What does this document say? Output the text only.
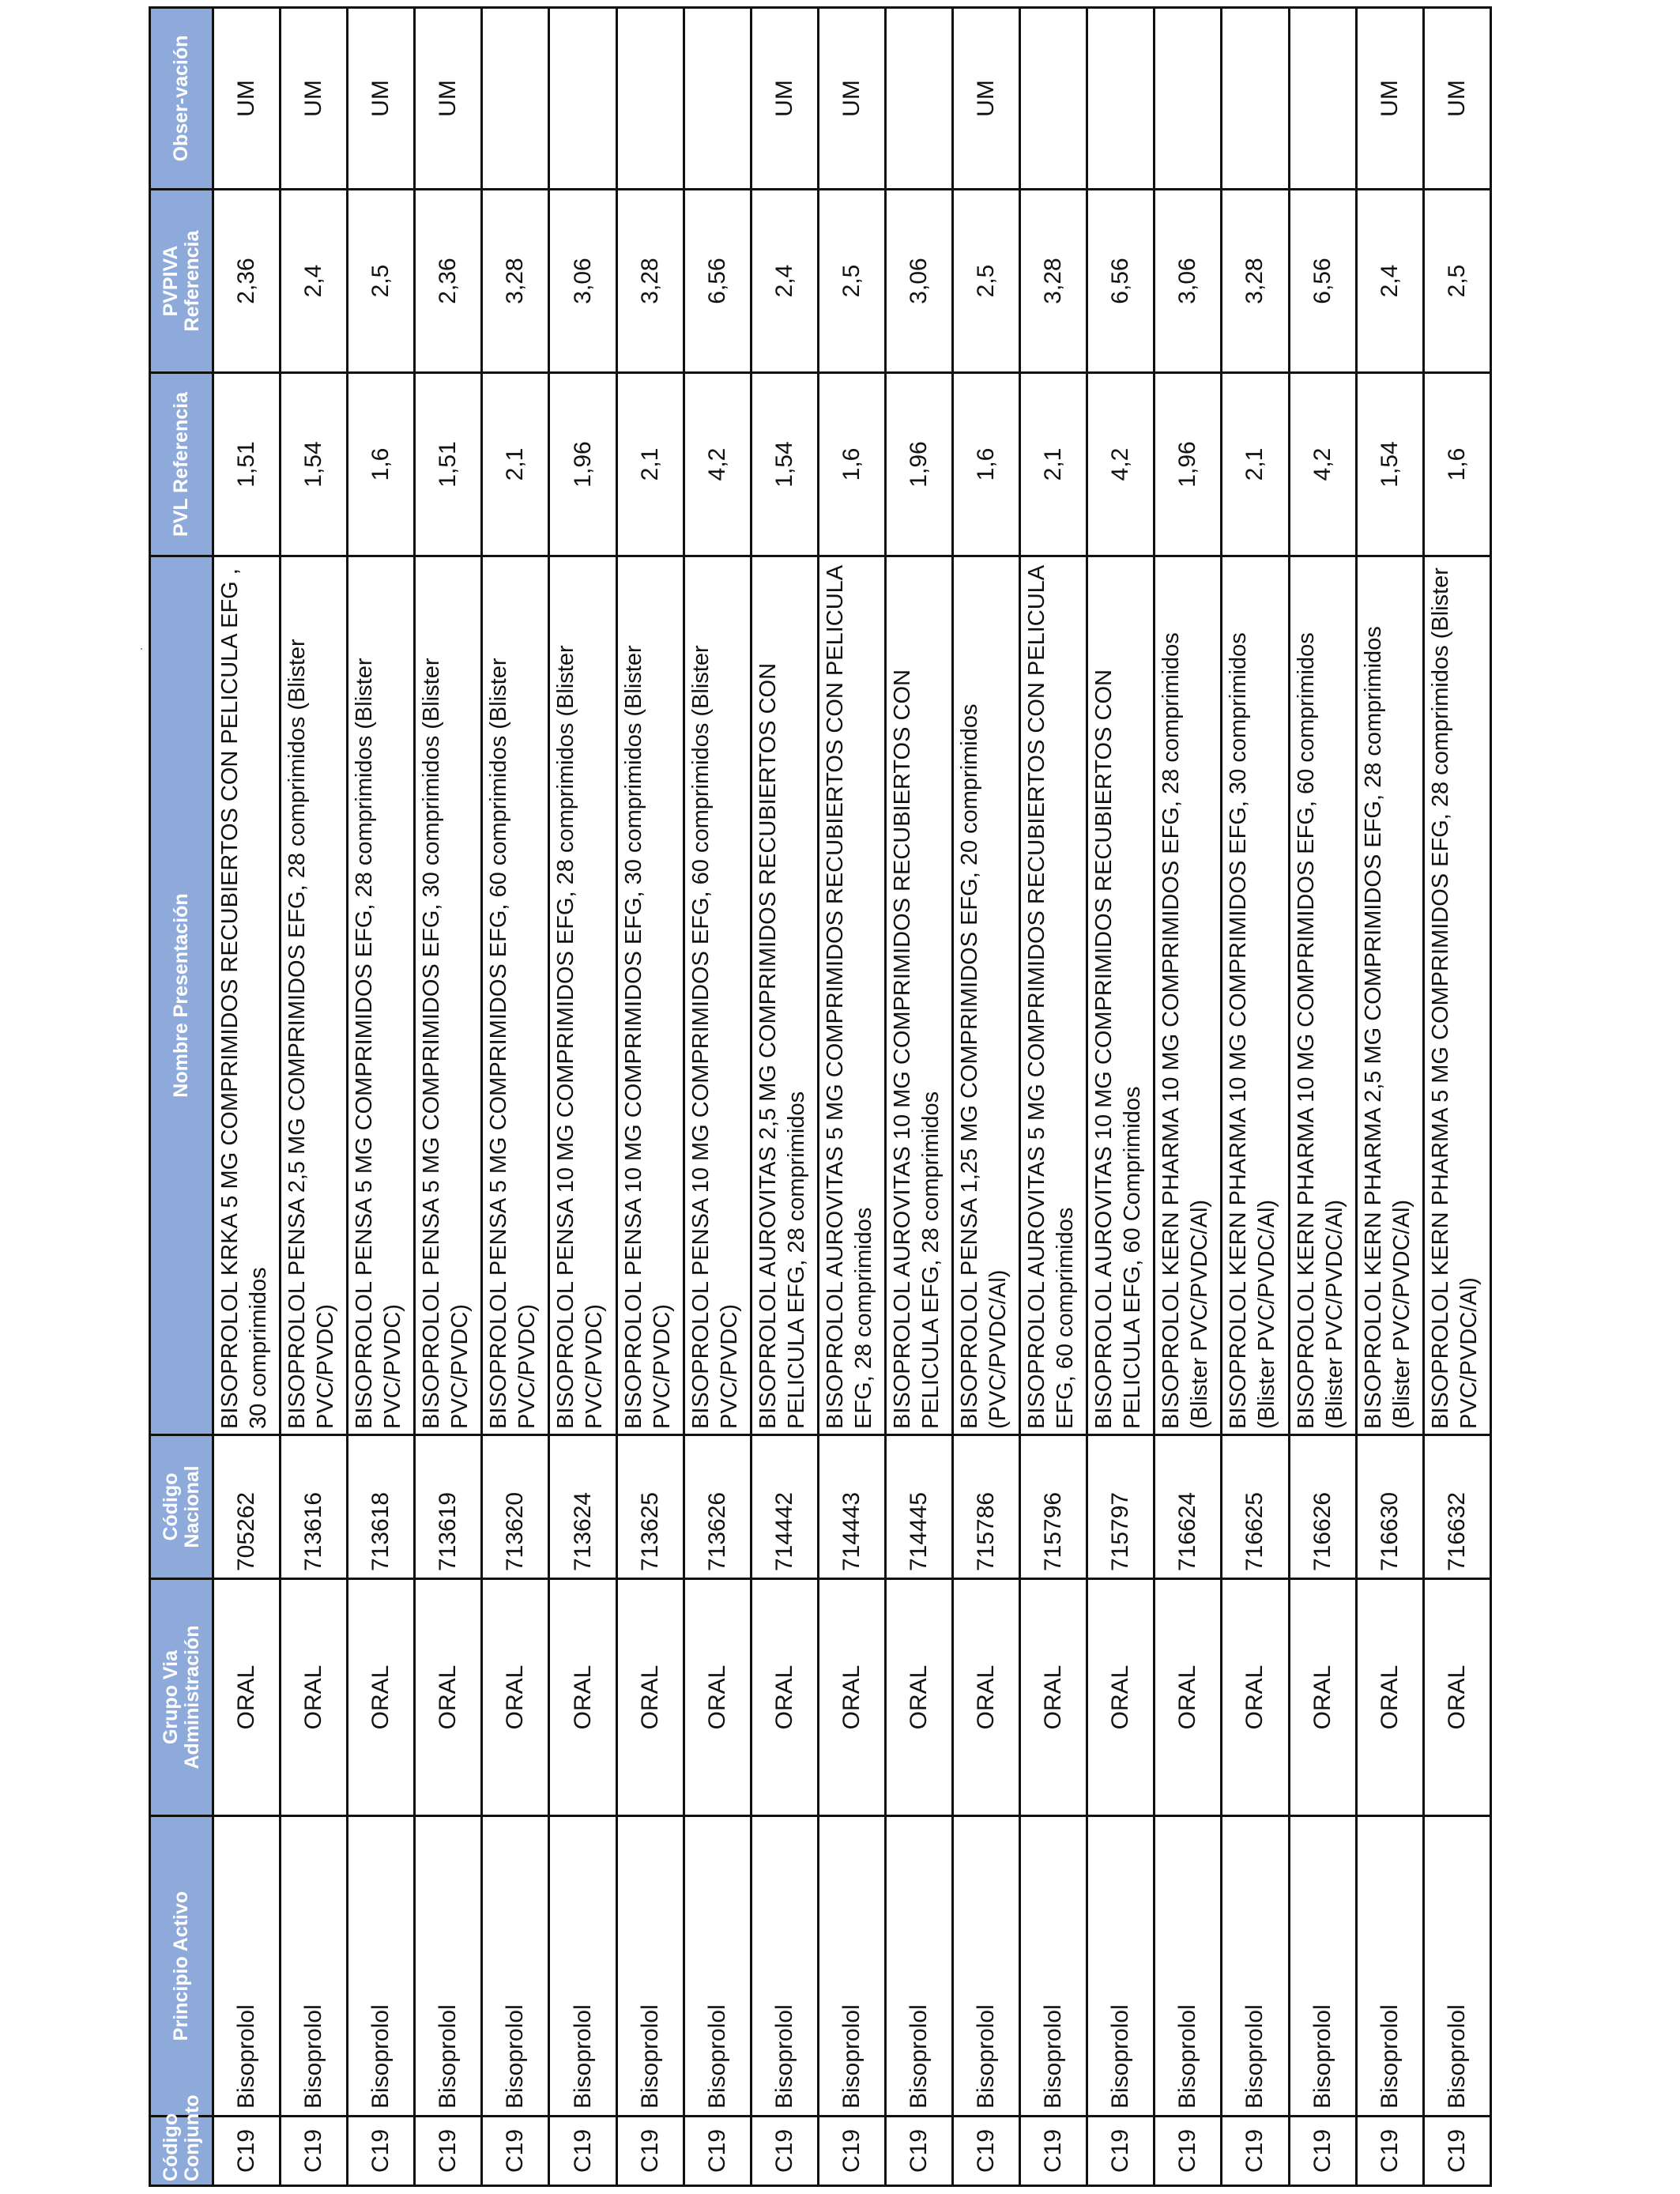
Código Conjunto	Principio Activo	Grupo Via Administración	Código Nacional	Nombre Presentación	PVL Referencia	PVPIVA Referencia	Obser-vación
C19	Bisoprolol	ORAL	705262	BISOPROLOL KRKA 5 MG COMPRIMIDOS RECUBIERTOS CON PELICULA EFG , 30 comprimidos	1,51	2,36	UM
C19	Bisoprolol	ORAL	713616	BISOPROLOL PENSA 2,5 MG COMPRIMIDOS EFG, 28 comprimidos (Blister PVC/PVDC)	1,54	2,4	UM
C19	Bisoprolol	ORAL	713618	BISOPROLOL PENSA 5 MG COMPRIMIDOS EFG, 28 comprimidos (Blister PVC/PVDC)	1,6	2,5	UM
C19	Bisoprolol	ORAL	713619	BISOPROLOL PENSA 5 MG COMPRIMIDOS EFG, 30 comprimidos (Blister PVC/PVDC)	1,51	2,36	UM
C19	Bisoprolol	ORAL	713620	BISOPROLOL PENSA 5 MG COMPRIMIDOS EFG, 60 comprimidos (Blister PVC/PVDC)	2,1	3,28	
C19	Bisoprolol	ORAL	713624	BISOPROLOL PENSA 10 MG COMPRIMIDOS EFG, 28 comprimidos (Blister PVC/PVDC)	1,96	3,06	
C19	Bisoprolol	ORAL	713625	BISOPROLOL PENSA 10 MG COMPRIMIDOS EFG, 30 comprimidos (Blister PVC/PVDC)	2,1	3,28	
C19	Bisoprolol	ORAL	713626	BISOPROLOL PENSA 10 MG COMPRIMIDOS EFG, 60 comprimidos (Blister PVC/PVDC)	4,2	6,56	
C19	Bisoprolol	ORAL	714442	BISOPROLOL AUROVITAS 2,5 MG COMPRIMIDOS RECUBIERTOS CON PELICULA EFG, 28 comprimidos	1,54	2,4	UM
C19	Bisoprolol	ORAL	714443	BISOPROLOL AUROVITAS 5 MG COMPRIMIDOS RECUBIERTOS CON PELICULA EFG, 28 comprimidos	1,6	2,5	UM
C19	Bisoprolol	ORAL	714445	BISOPROLOL AUROVITAS 10 MG COMPRIMIDOS RECUBIERTOS CON PELICULA EFG, 28 comprimidos	1,96	3,06	
C19	Bisoprolol	ORAL	715786	BISOPROLOL PENSA 1,25 MG COMPRIMIDOS EFG, 20 comprimidos (PVC/PVDC/Al)	1,6	2,5	UM
C19	Bisoprolol	ORAL	715796	BISOPROLOL AUROVITAS 5 MG COMPRIMIDOS RECUBIERTOS CON PELICULA EFG, 60 comprimidos	2,1	3,28	
C19	Bisoprolol	ORAL	715797	BISOPROLOL AUROVITAS 10 MG COMPRIMIDOS RECUBIERTOS CON PELICULA EFG, 60 Comprimidos	4,2	6,56	
C19	Bisoprolol	ORAL	716624	BISOPROLOL KERN PHARMA 10 MG COMPRIMIDOS EFG, 28 comprimidos (Blister PVC/PVDC/Al)	1,96	3,06	
C19	Bisoprolol	ORAL	716625	BISOPROLOL KERN PHARMA 10 MG COMPRIMIDOS EFG, 30 comprimidos (Blister PVC/PVDC/Al)	2,1	3,28	
C19	Bisoprolol	ORAL	716626	BISOPROLOL KERN PHARMA 10 MG COMPRIMIDOS EFG, 60 comprimidos (Blister PVC/PVDC/Al)	4,2	6,56	
C19	Bisoprolol	ORAL	716630	BISOPROLOL KERN PHARMA 2,5 MG COMPRIMIDOS EFG, 28 comprimidos (Blister PVC/PVDC/Al)	1,54	2,4	UM
C19	Bisoprolol	ORAL	716632	BISOPROLOL KERN PHARMA 5 MG COMPRIMIDOS EFG, 28 comprimidos (Blister PVC/PVDC/Al)	1,6	2,5	UM
